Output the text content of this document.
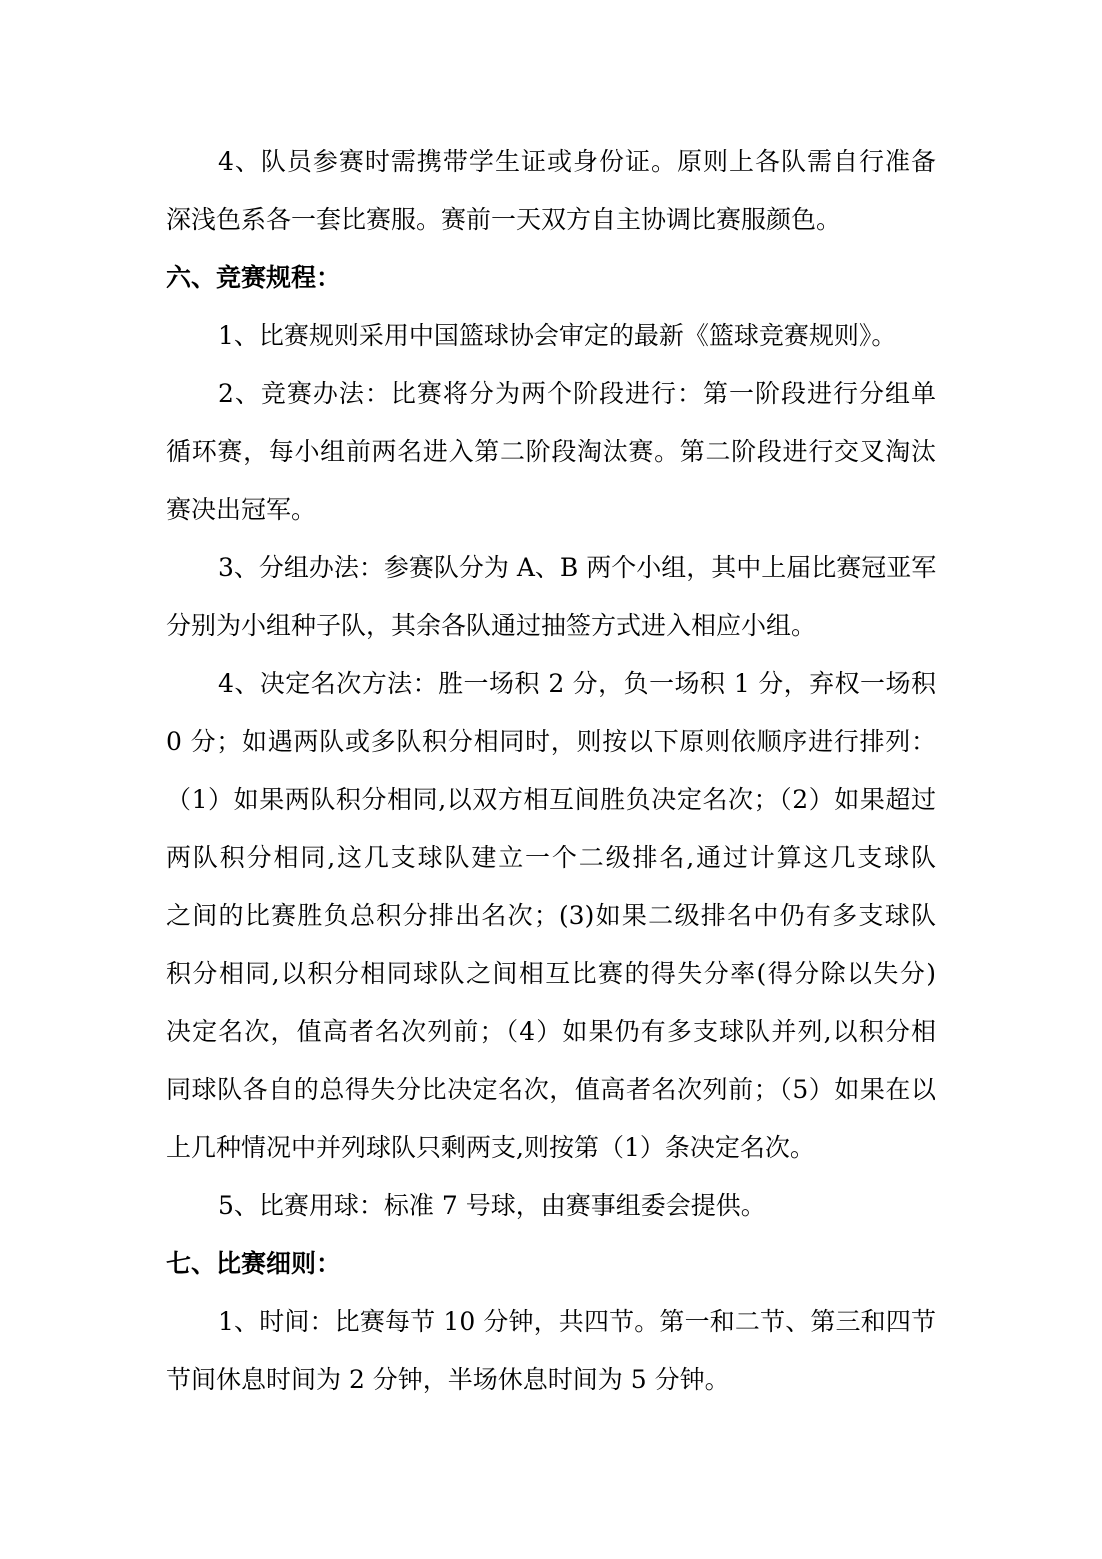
4、队员参赛时需携带学生证或身份证。原则上各队需自行准备
深浅色系各一套比赛服。赛前一天双方自主协调比赛服颜色。
六、竞赛规程：
1、比赛规则采用中国篮球协会审定的最新《篮球竞赛规则》。
2、竞赛办法：比赛将分为两个阶段进行：第一阶段进行分组单
循环赛，每小组前两名进入第二阶段淘汰赛。第二阶段进行交叉淘汰
赛决出冠军。
3、分组办法：参赛队分为 A、B 两个小组，其中上届比赛冠亚军
分别为小组种子队，其余各队通过抽签方式进入相应小组。
4、决定名次方法：胜一场积 2 分，负一场积 1 分，弃权一场积
0 分；如遇两队或多队积分相同时，则按以下原则依顺序进行排列：
（1）如果两队积分相同,以双方相互间胜负决定名次；（2）如果超过
两队积分相同,这几支球队建立一个二级排名,通过计算这几支球队
之间的比赛胜负总积分排出名次；(3)如果二级排名中仍有多支球队
积分相同,以积分相同球队之间相互比赛的得失分率(得分除以失分)
决定名次，值高者名次列前；（4）如果仍有多支球队并列,以积分相
同球队各自的总得失分比决定名次，值高者名次列前；（5）如果在以
上几种情况中并列球队只剩两支,则按第（1）条决定名次。
5、比赛用球：标准 7 号球，由赛事组委会提供。
七、比赛细则：
1、时间：比赛每节 10 分钟，共四节。第一和二节、第三和四节
节间休息时间为 2 分钟，半场休息时间为 5 分钟。
